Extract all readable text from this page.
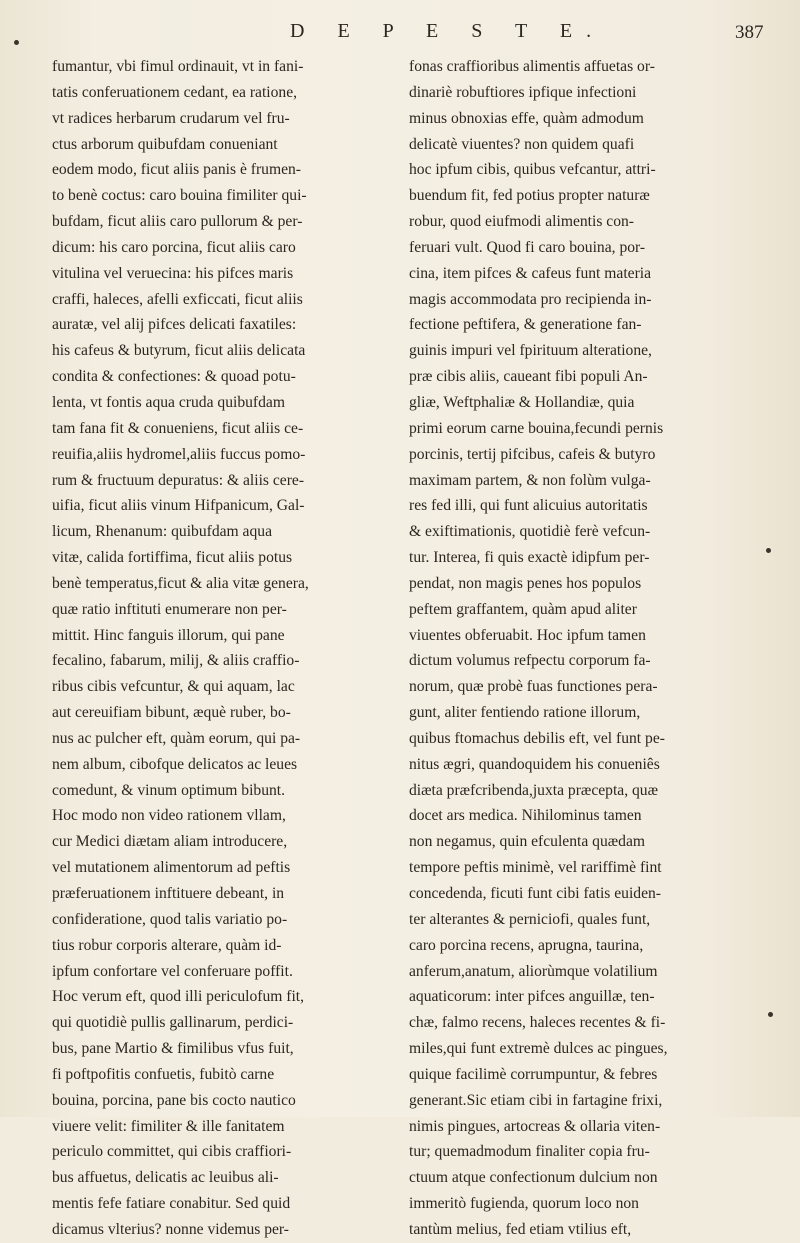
D E P E S T E.	387
fumantur, vbi fimul ordinauit, vt in fani-
tatis conferuationem cedant, ea ratione,
vt radices herbarum crudarum vel fru-
ctus arborum quibufdam conueniant
eodem modo, ficut aliis panis è frumen-
to benè coctus: caro bouina fimiliter qui-
bufdam, ficut aliis caro pullorum & per-
dicum: his caro porcina, ficut aliis caro
vitulina vel veruecina: his pifces maris
craffi, haleces, afelli exficcati, ficut aliis
auratæ, vel alij pifces delicati faxatiles:
his cafeus & butyrum, ficut aliis delicata
condita & confectiones: & quoad potu-
lenta, vt fontis aqua cruda quibufdam
tam fana fit & conueniens, ficut aliis ce-
reuifia,aliis hydromel,aliis fuccus pomo-
rum & fructuum depuratus: & aliis cere-
uifia, ficut aliis vinum Hifpanicum, Gal-
licum, Rhenanum: quibufdam aqua
vitæ, calida fortiffima, ficut aliis potus
benè temperatus,ficut & alia vitæ genera,
quæ ratio inftituti enumerare non per-
mittit. Hinc fanguis illorum, qui pane
fecalino, fabarum, milij, & aliis craffio-
ribus cibis vefcuntur, & qui aquam, lac
aut cereuifiam bibunt, æquè ruber, bo-
nus ac pulcher eft, quàm eorum, qui pa-
nem album, cibofque delicatos ac leues
comedunt, & vinum optimum bibunt.
Hoc modo non video rationem vllam,
cur Medici diætam aliam introducere,
vel mutationem alimentorum ad peftis
præferuationem inftituere debeant, in
confideratione, quod talis variatio po-
tius robur corporis alterare, quàm id-
ipfum confortare vel conferuare poffit.
Hoc verum eft, quod illi periculofum fit,
qui quotidiè pullis gallinarum, perdici-
bus, pane Martio & fimilibus vfus fuit,
fi poftpofitis confuetis, fubitò carne
bouina, porcina, pane bis cocto nautico
viuere velit: fimiliter & ille fanitatem
periculo committet, qui cibis craffiori-
bus affuetus, delicatis ac leuibus ali-
mentis fefe fatiare conabitur. Sed quid
dicamus vlterius? nonne videmus per-
fonas craffioribus alimentis affuetas or-
dinariè robuftiores ipfique infectioni
minus obnoxias effe, quàm admodum
delicatè viuentes? non quidem quafi
hoc ipfum cibis, quibus vefcantur, attri-
buendum fit, fed potius propter naturæ
robur, quod eiufmodi alimentis con-
feruari vult. Quod fi caro bouina, por-
cina, item pifces & cafeus funt materia
magis accommodata pro recipienda in-
fectione peftifera, & generatione fan-
guinis impuri vel fpirituum alteratione,
præ cibis aliis, caueant fibi populi An-
gliæ, Weftphaliæ & Hollandiæ, quia
primi eorum carne bouina,fecundi pernis
porcinis, tertij pifcibus, cafeis & butyro
maximam partem, & non folùm vulga-
res fed illi, qui funt alicuius autoritatis
& exiftimationis, quotidiè ferè vefcun-
tur. Interea, fi quis exactè idipfum per-
pendat, non magis penes hos populos
peftem graffantem, quàm apud aliter
viuentes obferuabit. Hoc ipfum tamen
dictum volumus refpectu corporum fa-
norum, quæ probè fuas functiones pera-
gunt, aliter fentiendo ratione illorum,
quibus ftomachus debilis eft, vel funt pe-
nitus ægri, quandoquidem his conueniês
diæta præfcribenda,juxta præcepta, quæ
docet ars medica. Nihilominus tamen
non negamus, quin efculenta quædam
tempore peftis minimè, vel rariffimè fint
concedenda, ficuti funt cibi fatis euiden-
ter alterantes & perniciofi, quales funt,
caro porcina recens, aprugna, taurina,
anferum,anatum, aliorùmque volatilium
aquaticorum: inter pifces anguillæ, ten-
chæ, falmo recens, haleces recentes & fi-
miles,qui funt extremè dulces ac pingues,
quique facilimè corrumpuntur, & febres
generant.Sic etiam cibi in fartagine frixi,
nimis pingues, artocreas & ollaria viten-
tur; quemadmodum finaliter copia fru-
ctuum atque confectionum dulcium non
immeritò fugienda, quorum loco non
tantùm melius, fed etiam vtilius eft,
